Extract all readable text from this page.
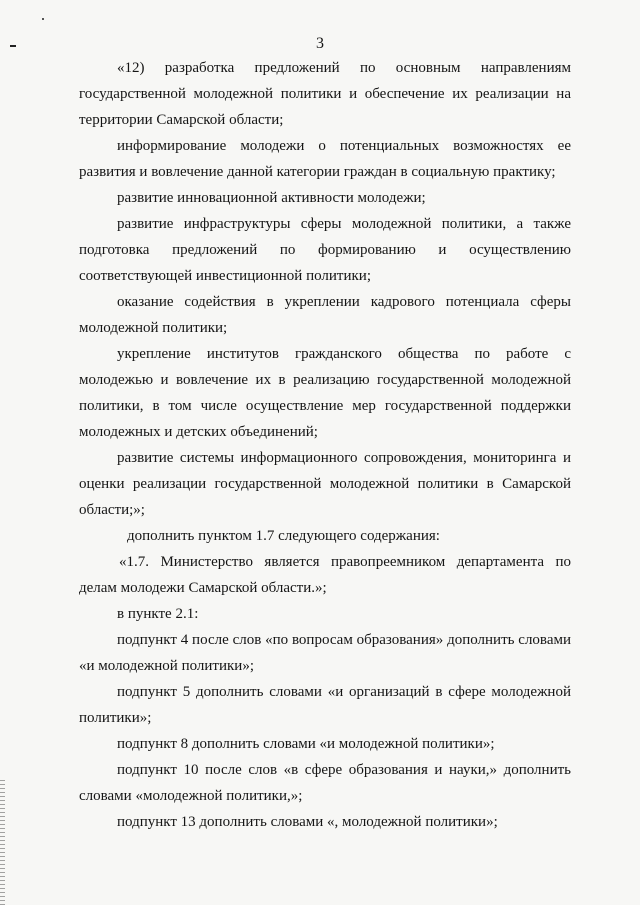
3

«12) разработка предложений по основным направлениям государственной молодежной политики и обеспечение их реализации на территории Самарской области;

информирование молодежи о потенциальных возможностях ее развития и вовлечение данной категории граждан в социальную практику;

развитие инновационной активности молодежи;

развитие инфраструктуры сферы молодежной политики, а также подготовка предложений по формированию и осуществлению соответствующей инвестиционной политики;

оказание содействия в укреплении кадрового потенциала сферы молодежной политики;

укрепление институтов гражданского общества по работе с молодежью и вовлечение их в реализацию государственной молодежной политики, в том числе осуществление мер государственной поддержки молодежных и детских объединений;

развитие системы информационного сопровождения, мониторинга и оценки реализации государственной молодежной политики в Самарской области;»;

дополнить пунктом 1.7 следующего содержания:

«1.7. Министерство является правопреемником департамента по делам молодежи Самарской области.»;

в пункте 2.1:

подпункт 4 после слов «по вопросам образования» дополнить словами «и молодежной политики»;

подпункт 5 дополнить словами «и организаций в сфере молодежной политики»;

подпункт 8 дополнить словами «и молодежной политики»;

подпункт 10 после слов «в сфере образования и науки,» дополнить словами «молодежной политики,»;

подпункт 13 дополнить словами «, молодежной политики»;
